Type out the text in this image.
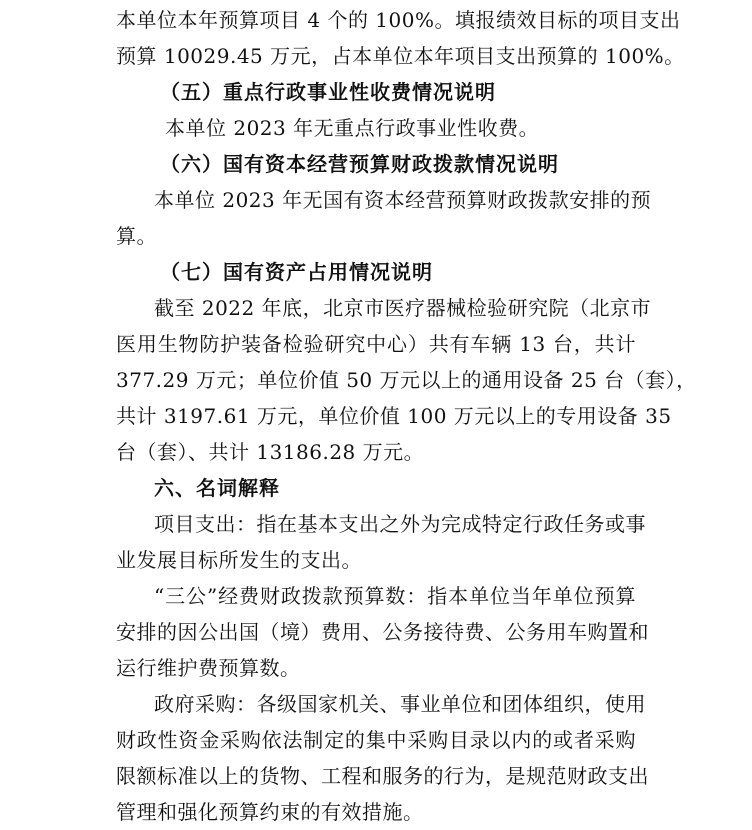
本单位本年预算项目 4 个的 100%。填报绩效目标的项目支出
预算 10029.45 万元，占本单位本年项目支出预算的 100%。
（五）重点行政事业性收费情况说明
本单位 2023 年无重点行政事业性收费。
（六）国有资本经营预算财政拨款情况说明
本单位 2023 年无国有资本经营预算财政拨款安排的预
算。
（七）国有资产占用情况说明
截至 2022 年底，北京市医疗器械检验研究院（北京市
医用生物防护装备检验研究中心）共有车辆 13 台，共计
377.29 万元；单位价值 50 万元以上的通用设备 25 台（套），
共计 3197.61 万元，单位价值 100 万元以上的专用设备 35
台（套）、共计 13186.28 万元。
六、名词解释
项目支出：指在基本支出之外为完成特定行政任务或事
业发展目标所发生的支出。
“三公”经费财政拨款预算数：指本单位当年单位预算
安排的因公出国（境）费用、公务接待费、公务用车购置和
运行维护费预算数。
政府采购：各级国家机关、事业单位和团体组织，使用
财政性资金采购依法制定的集中采购目录以内的或者采购
限额标准以上的货物、工程和服务的行为，是规范财政支出
管理和强化预算约束的有效措施。
